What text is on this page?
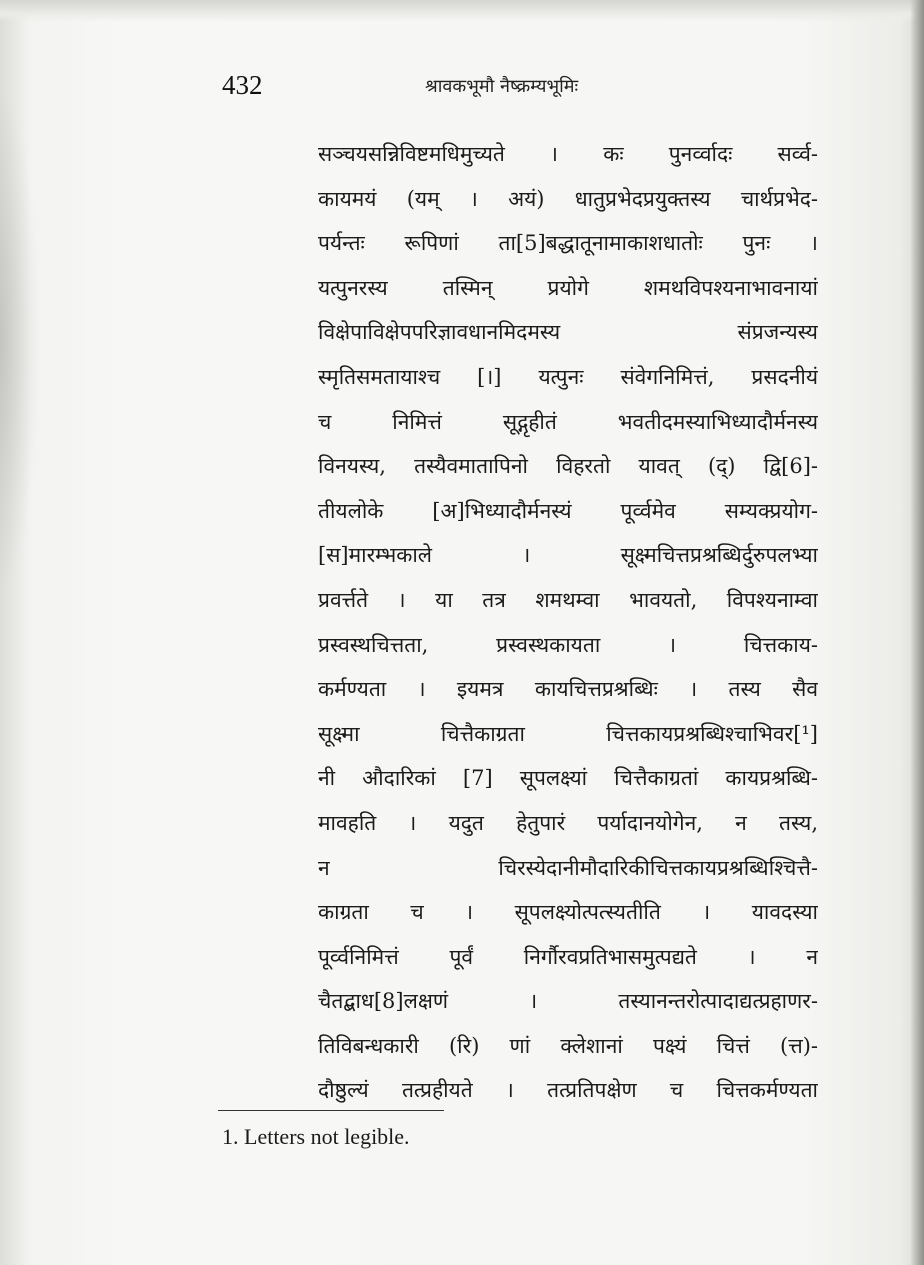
432	श्रावकभूमौ नैष्क्रम्यभूमिः
सञ्चयसन्निविष्टमधिमुच्यते । कः पुनर्व्वादः सर्व्व-
कायमयं (यम् । अयं) धातुप्रभेदप्रयुक्तस्य चार्थप्रभेद-
पर्यन्तः रूपिणां ता[5]बद्धातूनामाकाशधातोः पुनः ।
यत्पुनरस्य तस्मिन् प्रयोगे शमथविपश्यनाभावनायां
विक्षेपाविक्षेपपरिज्ञावधानमिदमस्य संप्रजन्यस्य
स्मृतिसमतायाश्च [।] यत्पुनः संवेगनिमित्तं, प्रसदनीयं
च निमित्तं सूद्गृहीतं भवतीदमस्याभिध्यादौर्मनस्य
विनयस्य, तस्यैवमातापिनो विहरतो यावत् (द्) द्वि[6]-
तीयलोके [अ]भिध्यादौर्मनस्यं पूर्व्वमेव सम्यक्प्रयोग-
[स]मारम्भकाले । सूक्ष्मचित्तप्रश्रब्धिर्दुरुपलभ्या
प्रवर्त्तते । या तत्र शमथम्वा भावयतो, विपश्यनाम्वा
प्रस्वस्थचित्तता, प्रस्वस्थकायता । चित्तकाय-
कर्मण्यता । इयमत्र कायचित्तप्रश्रब्धिः । तस्य सैव
सूक्ष्मा चित्तैकाग्रता चित्तकायप्रश्रब्धिश्चाभिवर[¹]
नी औदारिकां [7] सूपलक्ष्यां चित्तैकाग्रतां कायप्रश्रब्धि-
मावहति । यदुत हेतुपारं पर्यादानयोगेन, न तस्य,
न चिरस्येदानीमौदारिकीचित्तकायप्रश्रब्धिश्चित्तै-
काग्रता च । सूपलक्ष्योत्पत्स्यतीति । यावदस्या
पूर्व्वनिमित्तं पूर्वं निर्गौरवप्रतिभासमुत्पद्यते । न
चैतद्बाध[8]लक्षणं । तस्यानन्तरोत्पादाद्यत्प्रहाणर-
तिविबन्धकारी (रि) णां क्लेशानां पक्ष्यं चित्तं (त्त)-
दौष्ठुल्यं तत्प्रहीयते । तत्प्रतिपक्षेण च चित्तकर्मण्यता
1. Letters not legible.
